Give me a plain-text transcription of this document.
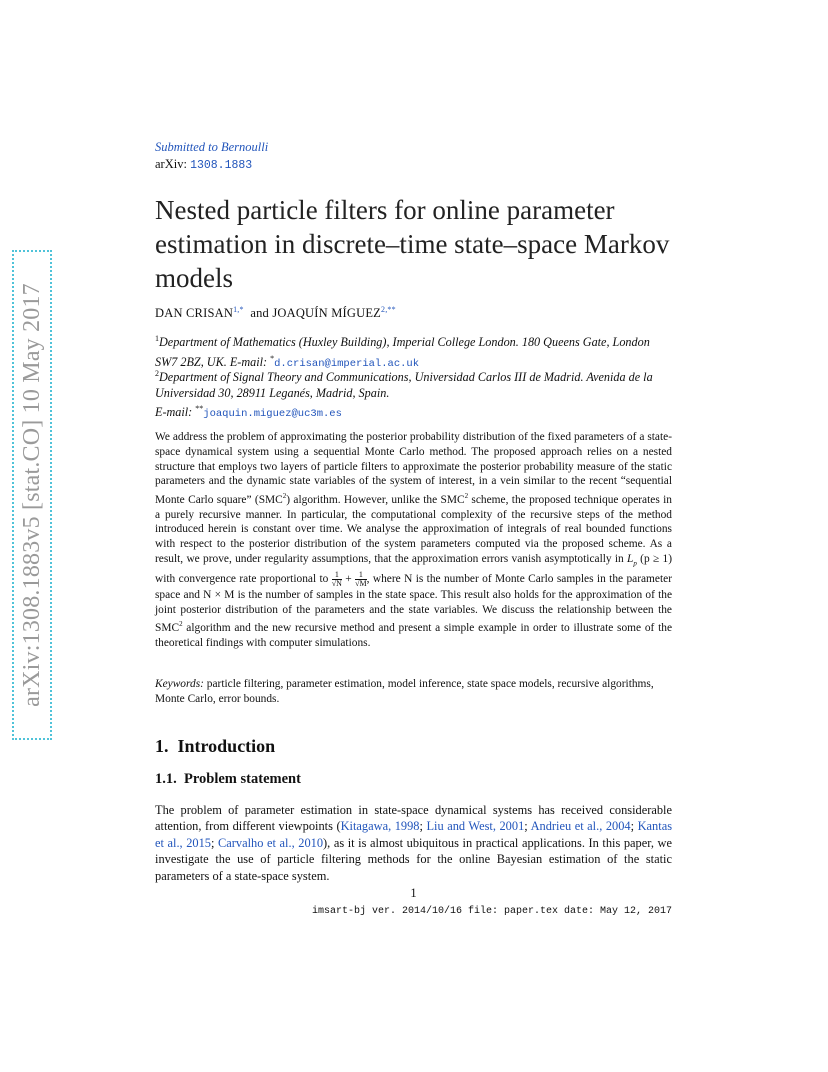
arXiv:1308.1883v5 [stat.CO] 10 May 2017
Submitted to Bernoulli
arXiv: 1308.1883
Nested particle filters for online parameter estimation in discrete–time state–space Markov models
DAN $CRISAN^{1,*}$ and JOAQUÍN $MÍGUEZ^{2,**}$
$^1$Department of Mathematics (Huxley Building), Imperial College London. 180 Queens Gate, London SW7 2BZ, UK. E-mail: *d.crisan@imperial.ac.uk
$^2$Department of Signal Theory and Communications, Universidad Carlos III de Madrid. Avenida de la Universidad 30, 28911 Leganés, Madrid, Spain.
E-mail: **joaquin.miguez@uc3m.es

We address the problem of approximating the posterior probability distribution of the fixed parameters of a state-space dynamical system using a sequential Monte Carlo method. The proposed approach relies on a nested structure that employs two layers of particle filters to approximate the posterior probability measure of the static parameters and the dynamic state variables of the system of interest, in a vein similar to the recent “sequential Monte Carlo square” (SMC$^2$) algorithm. However, unlike the SMC$^2$ scheme, the proposed technique operates in a purely recursive manner. In particular, the computational complexity of the recursive steps of the method introduced herein is constant over time. We analyse the approximation of integrals of real bounded functions with respect to the posterior distribution of the system parameters computed via the proposed scheme. As a result, we prove, under regularity assumptions, that the approximation errors vanish asymptotically in $L_p$ (p ≥ 1) with convergence rate proportional to $\frac{1}{√N} + \frac{1}{√M}$ , where N is the number of Monte Carlo samples in the parameter space and N × M is the number of samples in the state space. This result also holds for the approximation of the joint posterior distribution of the parameters and the state variables. We discuss the relationship between the SMC$^2$ algorithm and the new recursive method and present a simple example in order to illustrate some of the theoretical findings with computer simulations.

Keywords: particle filtering, parameter estimation, model inference, state space models, recursive algorithms, Monte Carlo, error bounds.

1. Introduction
1.1. Problem statement

The problem of parameter estimation in state-space dynamical systems has received considerable attention, from different viewpoints (Kitagawa, 1998; Liu and West, 2001; Andrieu et al., 2004; Kantas et al., 2015; Carvalho et al., 2010), as it is almost ubiquitous in practical applications. In this paper, we investigate the use of particle filtering methods for the online Bayesian estimation of the static parameters of a state-space system.

1
imsart-bj ver. 2014/10/16 file: paper.tex date: May 12, 2017
